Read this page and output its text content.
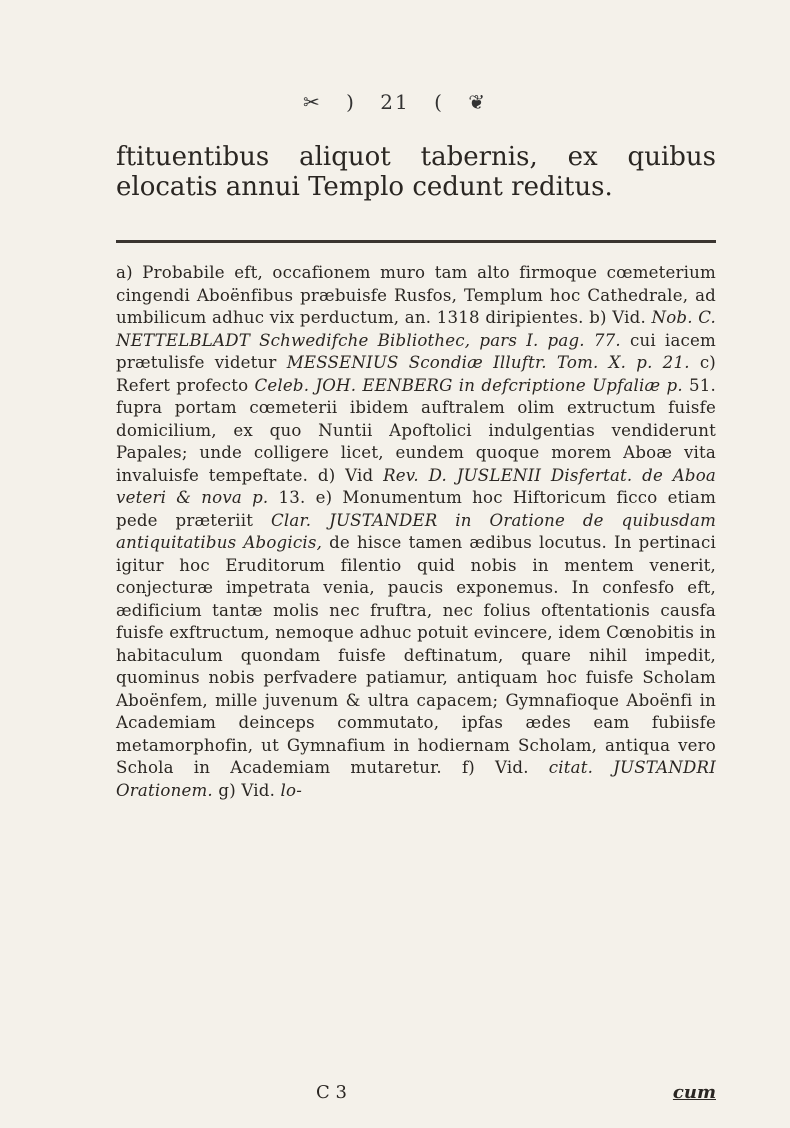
✂ ) 21 ( ❦
ftituentibus aliquot tabernis, ex quibus elocatis annui Templo cedunt reditus.
a) Probabile eft, occafionem muro tam alto firmoque cœmeterium cingendi Aboënfibus præbuisfe Rusfos, Templum hoc Cathedrale, ad umbilicum adhuc vix perductum, an. 1318 diripientes. b) Vid. Nob. C. NETTELBLADT Schwedifche Bibliothec, pars I. pag. 77. cui iacem prætulisfe videtur MESSENIUS Scondiæ Illuftr. Tom. X. p. 21. c) Refert profecto Celeb. JOH. EENBERG in defcriptione Upfaliæ p. 51. fupra portam cœmeterii ibidem auftralem olim extructum fuisfe domicilium, ex quo Nuntii Apoftolici indulgentias vendiderunt Papales; unde colligere licet, eundem quoque morem Aboæ vita invaluisfe tempeftate. d) Vid Rev. D. JUSLENII Disfertat. de Aboa veteri & nova p. 13. e) Monumentum hoc Hiftoricum ficco etiam pede præteriit Clar. JUSTANDER in Oratione de quibusdam antiquitatibus Abogicis, de hisce tamen ædibus locutus. In pertinaci igitur hoc Eruditorum filentio quid nobis in mentem venerit, conjecturæ impetrata venia, paucis exponemus. In confesfo eft, ædificium tantæ molis nec fruftra, nec folius oftentationis causfa fuisfe exftructum, nemoque adhuc potuit evincere, idem Cœnobitis in habitaculum quondam fuisfe deftinatum, quare nihil impedit, quominus nobis perfvadere patiamur, antiquam hoc fuisfe Scholam Aboënfem, mille juvenum & ultra capacem; Gymnafioque Aboënfi in Academiam deinceps commutato, ipfas ædes eam fubiisfe metamorphofin, ut Gymnafium in hodiernam Scholam, antiqua vero Schola in Academiam mutaretur. f) Vid. citat. JUSTANDRI Orationem. g) Vid. lo-
C 3	cum
